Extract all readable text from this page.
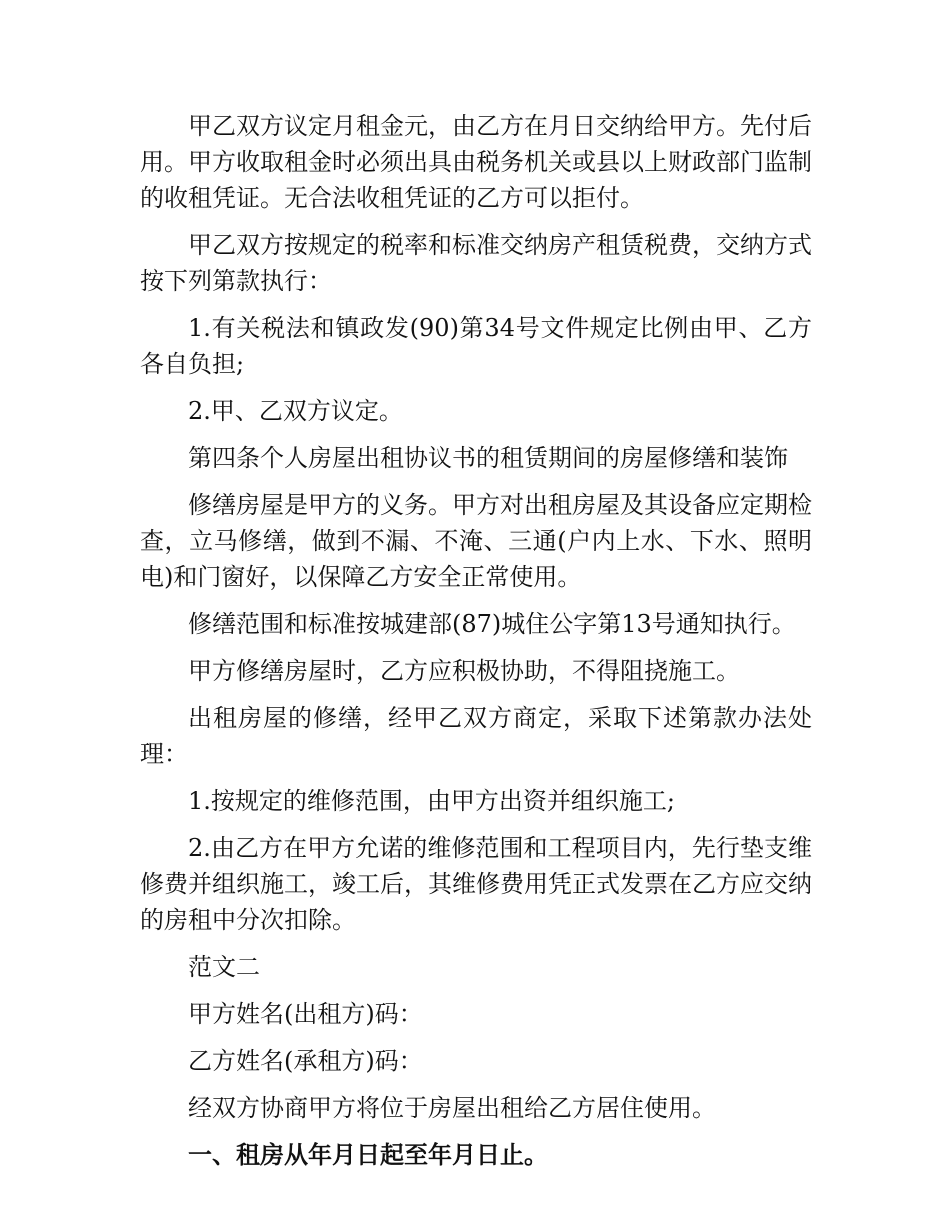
甲乙双方议定月租金元，由乙方在月日交纳给甲方。先付后用。甲方收取租金时必须出具由税务机关或县以上财政部门监制的收租凭证。无合法收租凭证的乙方可以拒付。

甲乙双方按规定的税率和标准交纳房产租赁税费，交纳方式按下列第款执行：

1.有关税法和镇政发(90)第34号文件规定比例由甲、乙方各自负担;

2.甲、乙双方议定。

第四条个人房屋出租协议书的租赁期间的房屋修缮和装饰

修缮房屋是甲方的义务。甲方对出租房屋及其设备应定期检查，立马修缮，做到不漏、不淹、三通(户内上水、下水、照明电)和门窗好，以保障乙方安全正常使用。

修缮范围和标准按城建部(87)城住公字第13号通知执行。

甲方修缮房屋时，乙方应积极协助，不得阻挠施工。

出租房屋的修缮，经甲乙双方商定，采取下述第款办法处理：

1.按规定的维修范围，由甲方出资并组织施工;

2.由乙方在甲方允诺的维修范围和工程项目内，先行垫支维修费并组织施工，竣工后，其维修费用凭正式发票在乙方应交纳的房租中分次扣除。

范文二

甲方姓名(出租方)码：

乙方姓名(承租方)码：

经双方协商甲方将位于房屋出租给乙方居住使用。

一、租房从年月日起至年月日止。
